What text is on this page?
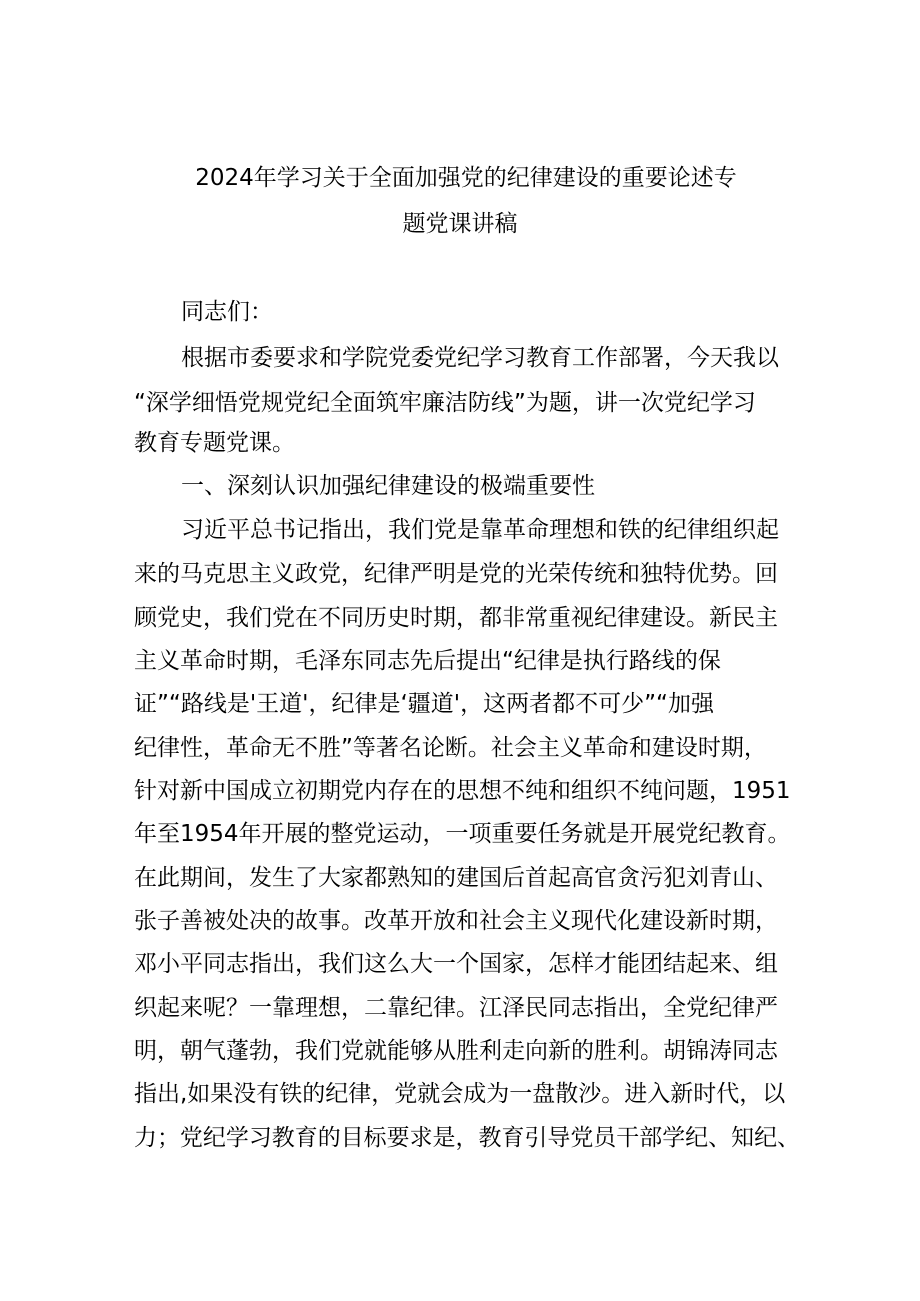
2024年学习关于全面加强党的纪律建设的重要论述专
题党课讲稿
同志们：
根据市委要求和学院党委党纪学习教育工作部署，今天我以
“深学细悟党规党纪全面筑牢廉洁防线”为题，讲一次党纪学习
教育专题党课。
一、深刻认识加强纪律建设的极端重要性
习近平总书记指出，我们党是靠革命理想和铁的纪律组织起
来的马克思主义政党，纪律严明是党的光荣传统和独特优势。回
顾党史，我们党在不同历史时期，都非常重视纪律建设。新民主
主义革命时期，毛泽东同志先后提出“纪律是执行路线的保
证”“路线是'王道'，纪律是‘疆道'，这两者都不可少”“加强
纪律性，革命无不胜”等著名论断。社会主义革命和建设时期，
针对新中国成立初期党内存在的思想不纯和组织不纯问题，1951
年至1954年开展的整党运动，一项重要任务就是开展党纪教育。
在此期间，发生了大家都熟知的建国后首起高官贪污犯刘青山、
张子善被处决的故事。改革开放和社会主义现代化建设新时期，
邓小平同志指出，我们这么大一个国家，怎样才能团结起来、组
织起来呢？一靠理想，二靠纪律。江泽民同志指出，全党纪律严
明，朝气蓬勃，我们党就能够从胜利走向新的胜利。胡锦涛同志
指出,如果没有铁的纪律，党就会成为一盘散沙。进入新时代，以
力；党纪学习教育的目标要求是，教育引导党员干部学纪、知纪、
